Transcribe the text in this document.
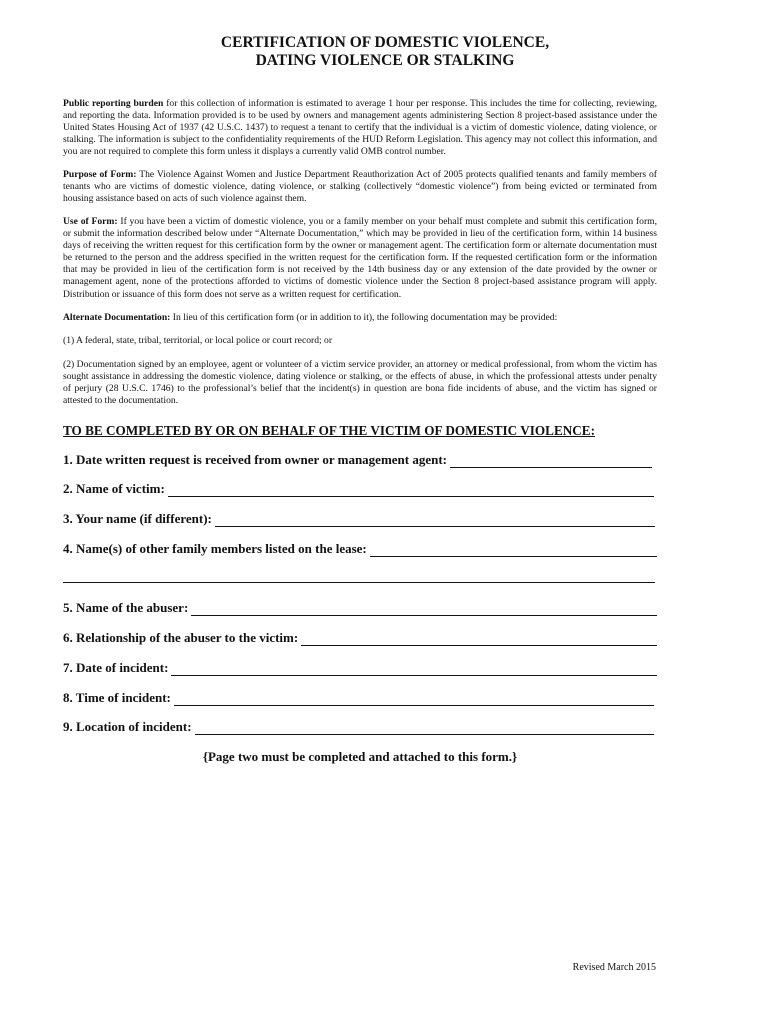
CERTIFICATION OF DOMESTIC VIOLENCE,
DATING VIOLENCE OR STALKING
Public reporting burden for this collection of information is estimated to average 1 hour per response. This includes the time for collecting, reviewing, and reporting the data. Information provided is to be used by owners and management agents administering Section 8 project-based assistance under the United States Housing Act of 1937 (42 U.S.C. 1437) to request a tenant to certify that the individual is a victim of domestic violence, dating violence, or stalking. The information is subject to the confidentiality requirements of the HUD Reform Legislation. This agency may not collect this information, and you are not required to complete this form unless it displays a currently valid OMB control number.
Purpose of Form: The Violence Against Women and Justice Department Reauthorization Act of 2005 protects qualified tenants and family members of tenants who are victims of domestic violence, dating violence, or stalking (collectively “domestic violence”) from being evicted or terminated from housing assistance based on acts of such violence against them.
Use of Form: If you have been a victim of domestic violence, you or a family member on your behalf must complete and submit this certification form, or submit the information described below under “Alternate Documentation,” which may be provided in lieu of the certification form, within 14 business days of receiving the written request for this certification form by the owner or management agent. The certification form or alternate documentation must be returned to the person and the address specified in the written request for the certification form. If the requested certification form or the information that may be provided in lieu of the certification form is not received by the 14th business day or any extension of the date provided by the owner or management agent, none of the protections afforded to victims of domestic violence under the Section 8 project-based assistance program will apply. Distribution or issuance of this form does not serve as a written request for certification.
Alternate Documentation: In lieu of this certification form (or in addition to it), the following documentation may be provided:
(1) A federal, state, tribal, territorial, or local police or court record; or
(2) Documentation signed by an employee, agent or volunteer of a victim service provider, an attorney or medical professional, from whom the victim has sought assistance in addressing the domestic violence, dating violence or stalking, or the effects of abuse, in which the professional attests under penalty of perjury (28 U.S.C. 1746) to the professional’s belief that the incident(s) in question are bona fide incidents of abuse, and the victim has signed or attested to the documentation.
TO BE COMPLETED BY OR ON BEHALF OF THE VICTIM OF DOMESTIC VIOLENCE:
1. Date written request is received from owner or management agent:
2. Name of victim:
3. Your name (if different):
4. Name(s) of other family members listed on the lease:
5. Name of the abuser:
6. Relationship of the abuser to the victim:
7. Date of incident:
8. Time of incident:
9. Location of incident:
{Page two must be completed and attached to this form.}
Revised March 2015
